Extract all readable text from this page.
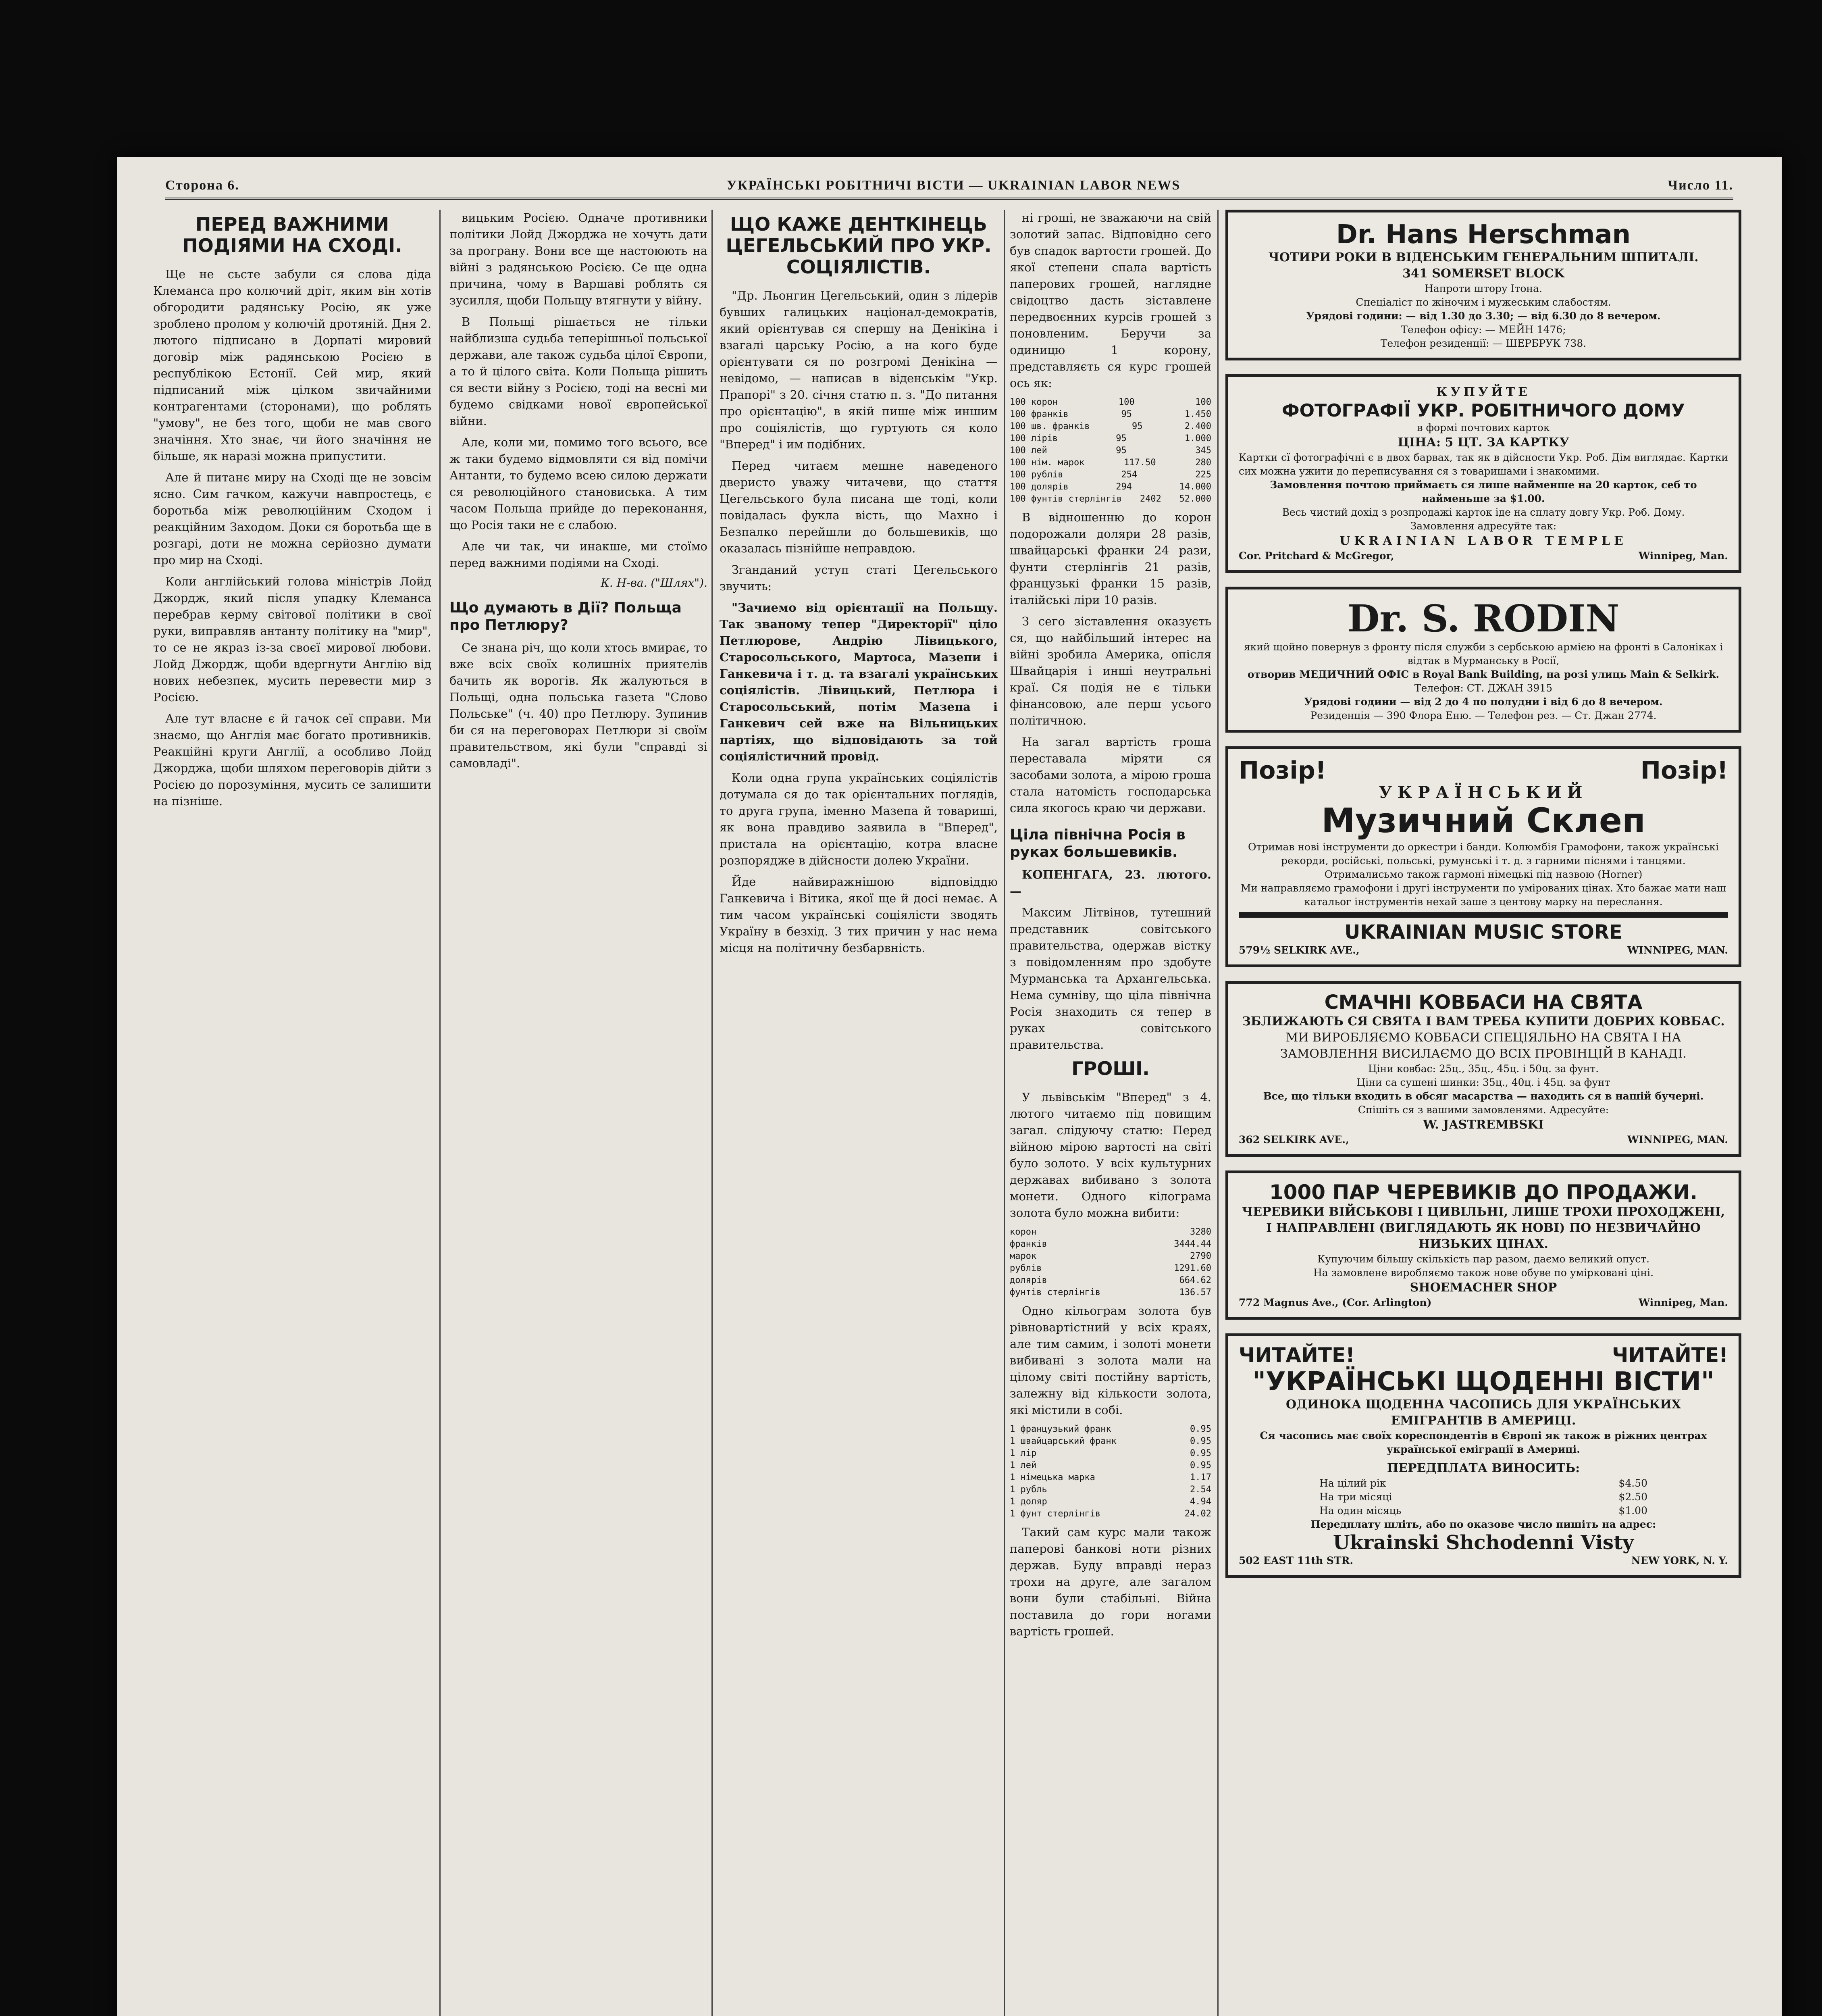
Сторона 6.	УКРАЇНСЬКІ РОБІТНИЧІ ВІСТИ — UKRAINIAN LABOR NEWS	Число 11.
ПЕРЕД ВАЖНИМИ ПОДІЯМИ НА СХОДІ.

Ще не сьсте забули ся слова діда Клеманса про колючий дріт, яким він хотів обгородити радянську Росію, як уже зроблено пролом у колючій дротяній. Дня 2. лютого підписано в Дорпаті мировий договір між радянською Росією в республікою Естонії. Сей мир, який підписаний між цілком звичайними контрагентами (сторонами), що роблять "умову", не без того, щоби не мав свого значіння. Хто знає, чи його значіння не більше, як наразі можна припустити.

Але й питанє миру на Сході ще не зовсім ясно. Сим гачком, кажучи навпростець, є боротьба між революційним Сходом і реакційним Заходом. Доки ся боротьба ще в розгарі, доти не можна серйозно думати про мир на Сході.

Коли англійський голова міністрів Лойд Джордж, який після упадку Клеманса перебрав керму світової політики в свої руки, виправляв антанту політику на "мир", то се не якраз із-за своєї мирової любови. Лойд Джордж, щоби вдергнути Англію від нових небезпек, мусить перевести мир з Росією.

Але тут власне є й гачок сеї справи. Ми знаємо, що Англія має богато противників. Реакційні круги Англії, а особливо Лойд Джорджа, щоби шляхом переговорів дійти з Росією до порозуміння, мусить се залишити на пізніше.

вицьким Росією. Одначе противники політики Лойд Джорджа не хочуть дати за програну. Вони все ще настоюють на війні з радянською Росією. Се ще одна причина, чому в Варшаві роблять ся зусилля, щоби Польщу втягнути у війну.

В Польщі рішається не тільки найблизша судьба теперішньої польської держави, але також судьба цілої Європи, а то й цілого світа. Коли Польща рішить ся вести війну з Росією, тоді на весні ми будемо свідками нової європейської війни.

Але, коли ми, помимо того всього, все ж таки будемо відмовляти ся від помічи Антанти, то будемо всею силою держати ся революційного становиська. А тим часом Польща прийде до переконання, що Росія таки не є слабою.

Але чи так, чи инакше, ми стоїмо перед важними подіями на Сході.

К. Н-ва. ("Шлях").
Що думають в Дії? Польща про Петлюру?

Се знана річ, що коли хтось вмирає, то вже всіх своїх колишніх приятелів бачить як ворогів. Як жалуються в Польщі, одна польська газета "Слово Польське" (ч. 40) про Петлюру. Зупинив би ся на переговорах Петлюри зі своїм правительством, які були "справді зі самовладі".

ЩО КАЖЕ ДЕНТКІНЕЦЬ ЦЕГЕЛЬСЬКИЙ ПРО УКР. СОЦІЯЛІСТІВ.

"Др. Льонгин Цегельський, один з лідерів бувших галицьких націонал-демократів, який орієнтував ся спершу на Денікіна і взагалі царську Росію, а на кого буде орієнтувати ся по розгромі Денікіна — невідомо, — написав в віденськім "Укр. Прапорі" з 20. січня статю п. з. "До питання про орієнтацію", в якій пише між иншим про соціялістів, що гуртують ся коло "Вперед" і им подібних.

Перед читаєм мешне наведеного дверисто уважу читачеви, що стаття Цегельського була писана ще тоді, коли повідалась фукла вість, що Махно і Безпалко перейшли до большевиків, що оказалась пізнійше неправдою.

Зганданий уступ статі Цегельського звучить:

"Зачиемо від орієнтації на Польщу. Так званому тепер "Директорії" ціло Петлюрове, Андрію Лівицького, Старосольського, Мартоса, Мазепи і Ганкевича і т. д. та взагалі українських соціялістів. Лівицький, Петлюра і Старосольський, потім Мазепа і Ганкевич сей вже на Вільницьких партіях, що відповідають за той соціялістичний провід.

Коли одна група українських соціялістів дотумала ся до так орієнтальних поглядів, то друга група, іменно Мазепа й товариші, як вона правдиво заявила в "Вперед", пристала на орієнтацію, котра власне розпорядже в дійсности долею України.

Йде найвиражнішою відповіддю Ганкевича і Вітика, якої ще й досі немає. А тим часом українські соціялісти зводять Україну в безхід. З тих причин у нас нема місця на політичну безбарвність.

ні грошi, не зважаючи на свій золотий запас. Відповідно сего був спадок вартости грошей. До якої степени спала вартість паперових грошей, наглядне свідоцтво дасть зіставлене передвоєнних курсів грошей з поновленим. Беручи за одиницю 1 корону, представляєть ся курс грошей ось як:

100 корон	100	100
100 франків	95	1.450
100 шв. франків	95	2.400
100 лірів	95	1.000
100 лей	95	345
100 нім. марок	117.50	280
100 рублів	254	225
100 долярів	294	14.000
100 фунтів стерлінгів 2402 52.000

В відношенню до корон подорожали доляри 28 разів, швайцарські франки 24 рази, фунти стерлінгів 21 разів, французькі франки 15 разів, італійські ліри 10 разів.

З сего зіставлення оказуєть ся, що найбільший інтерес на війні зробила Америка, опісля Швайцарія і инші неутральні краї. Ся подія не є тільки фінансовою, але перш усього політичною.

На загал вартість гроша переставала міряти ся засобами золота, а мірою гроша стала натомість господарська сила якогось краю чи держави.

Ціла північна Росія в руках большевиків.

КОПЕНГАГА, 23. лютого. —

Максим Літвінов, тутешний представник совітського правительства, одержав вістку з повідомленням про здобуте Мурманська та Архангельська. Нема сумніву, що ціла північна Росія знаходить ся тепер в руках совітського правительства.

ГРОШІ.

У львівськім "Вперед" з 4. лютого читаємо під повищим загал. слідуючу статю: Перед війною мірою вартості на світі було золото. У всіх культурних державах вибивано з золота монети. Одного кілограма золота було можна вибити:

корон	3280
франків	3444.44
марок	2790
рублів	1291.60
долярів	664.62
фунтів стерлінгів	136.57

Одно кільограм золота був рівновартістний у всіх краях, але тим самим, і золоті монети вибивані з золота мали на цілому світі постійну вартість, залежну від кількости золота, які містили в собі.

1 французький франк	0.95
1 швайцарський франк	0.95
1 лір	0.95
1 лей	0.95
1 німецька марка	1.17
1 рубль	2.54
1 доляр	4.94
1 фунт стерлінгів	24.02

Такий сам курс мали також паперові банкові ноти різних держав. Буду вправді нераз трохи на друге, але загалом вони були стабільні. Війна поставила до гори ногами вартість грошей.

Dr. Hans Herschman
ЧОТИРИ РОКИ В ВІДЕНСЬКИМ ГЕНЕРАЛЬНИМ ШПИТАЛІ.
341 SOMERSET BLOCK
Напроти штору Ітона.
Спеціаліст по жіночим і мужеським слабостям.
Урядові години: — від 1.30 до 3.30; — від 6.30 до 8 вечером.
Телефон офісу: — МЕЙН 1476;
Телефон резиденції: — ШЕРБРУК 738.
КУПУЙТЕ
ФОТОГРАФІЇ УКР. РОБІТНИЧОГО ДОМУ
в формі почтових карток
ЦІНА: 5 ЦТ. ЗА КАРТКУ
Картки сї фотографічні є в двох барвах, так як в дійсности Укр. Роб. Дім виглядає. Картки сих можна ужити до переписування ся з товаришами і знакомими.
Замовлення почтою приймаєть ся лише найменше на 20 карток, себ то найменьше за $1.00.
Весь чистий дохід з розпродажі карток іде на сплату довгу Укр. Роб. Дому.
Замовлення адресуйте так:
UKRAINIAN LABOR TEMPLE
Cor. Pritchard & McGregor,	Winnipeg, Man.
Dr. S. RODIN
який щойно повернув з фронту після служби з сербською армією на фронті в Салоніках і відтак в Мурманську в Росії,
отворив МЕДИЧНИЙ ОФІС в Royal Bank Building, на розі улиць Main & Selkirk.
Телефон: СТ. ДЖАН 3915
Урядові години — від 2 до 4 по полудни і від 6 до 8 вечером.
Резиденція — 390 Флора Еню. — Телефон рез. — Ст. Джан 2774.
Позір!	Позір!
УКРАЇНСЬКИЙ
Музичний Склеп
Отримав нові інструменти до оркестри і банди. Колюмбія Грамофони, також українські рекорди, російські, польські, румунські і т. д. з гарними піснями і танцями.
Отрималисьмо також гармоні німецькі під назвою (Horner)
Ми направляємо грамофони і другі інструменти по умірованих цінах. Хто бажає мати наш катальог інструментів нехай заше з центову марку на переслання.
UKRAINIAN MUSIC STORE
579½ SELKIRK AVE.,	WINNIPEG, MAN.
СМАЧНІ КОВБАСИ НА СВЯТА
ЗБЛИЖАЮТЬ СЯ СВЯТА І ВАМ ТРЕБА КУПИТИ ДОБРИХ КОВБАС.
МИ ВИРОБЛЯЄМО КОВБАСИ СПЕЦІЯЛЬНО НА СВЯТА І НА ЗАМОВЛЕННЯ ВИСИЛАЄМО ДО ВСІХ ПРОВІНЦІЙ В КАНАДІ.
Ціни ковбас: 25ц., 35ц., 45ц. і 50ц. за фунт.
Ціни са сушені шинки: 35ц., 40ц. і 45ц. за фунт
Все, що тільки входить в обсяг масарства — находить ся в нашій бучерні.
Спішіть ся з вашими замовленями. Адресуйте:
W. JASTREMBSKI
362 SELKIRK AVE.,	WINNIPEG, MAN.
1000 ПАР ЧЕРЕВИКІВ ДО ПРОДАЖИ.
ЧЕРЕВИКИ ВІЙСЬКОВІ І ЦИВІЛЬНІ, ЛИШЕ ТРОХИ ПРОХОДЖЕНІ, І НАПРАВЛЕНІ (ВИГЛЯДАЮТЬ ЯК НОВІ) ПО НЕЗВИЧАЙНО НИЗЬКИХ ЦІНАХ.
Купуючим більшу скількість пар разом, даємо великий опуст.
На замовлене виробляємо також нове обуве по умірковані ціні.
SHOEMAСHER SHOP
772 Magnus Ave., (Cor. Arlington)	Winnipeg, Man.
ЧИТАЙТЕ!	ЧИТАЙТЕ!
"УКРАЇНСЬКІ ЩОДЕННІ ВІСТИ"
ОДИНОКА ЩОДЕННА ЧАСОПИСЬ ДЛЯ УКРАЇНСЬКИХ ЕМІГРАНТІВ В АМЕРИЦІ.
Ся часопись має своїх кореспондентів в Європі як також в ріжних центрах української еміграції в Америці.
ПЕРЕДПЛАТА ВИНОСИТЬ:
На цілий рік	$4.50
На три місяці	$2.50
На один місяць	$1.00
Передплату шліть, або по оказове число пишіть на адрес:
Ukrainski Shchodenni Visty
502 EAST 11th STR.	NEW YORK, N. Y.
